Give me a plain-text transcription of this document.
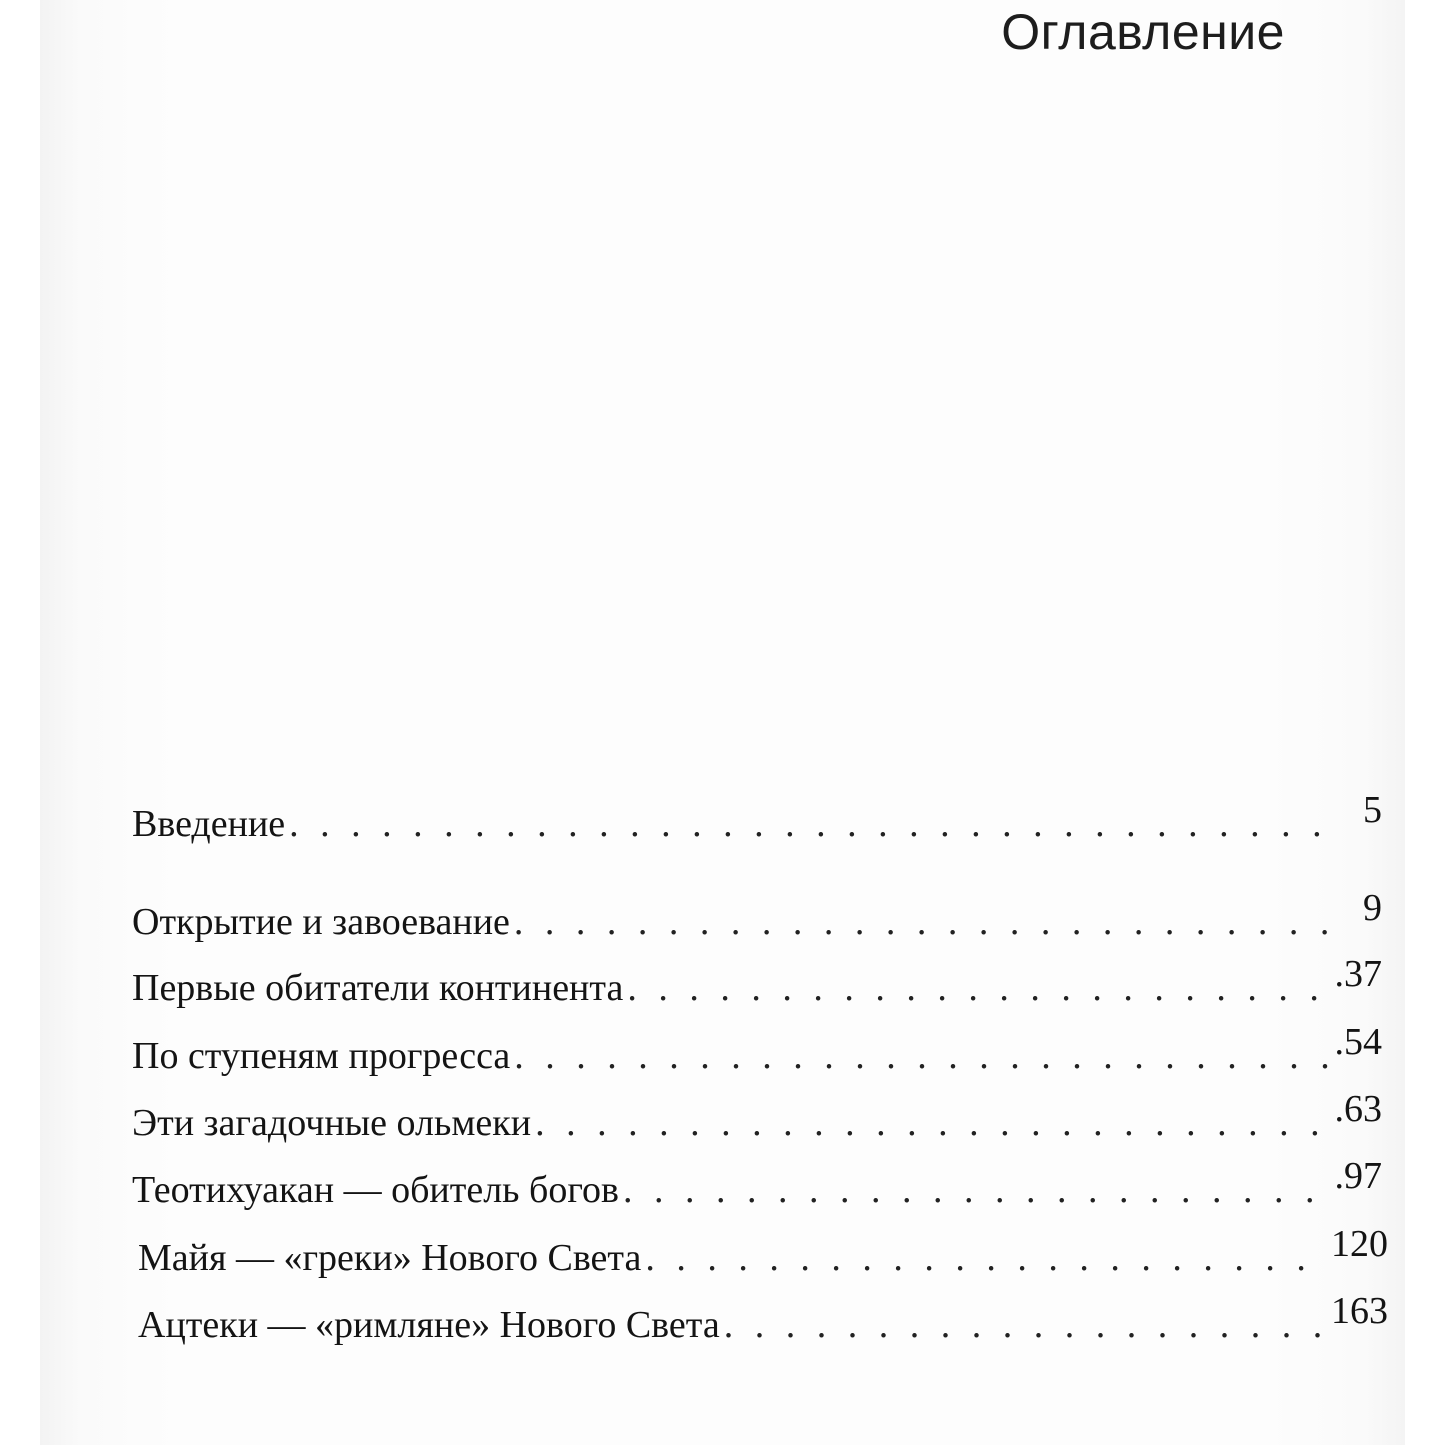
Оглавление
Введение . . .	5
Открытие и завоевание . . .	9
Первые обитатели континента . . .	.37
По ступеням прогресса . . .	.54
Эти загадочные ольмеки . . .	.63
Теотихуакан — обитель богов . . .	.97
Майя — «греки» Нового Света . . .	120
Ацтеки — «римляне» Нового Света . . .	163
